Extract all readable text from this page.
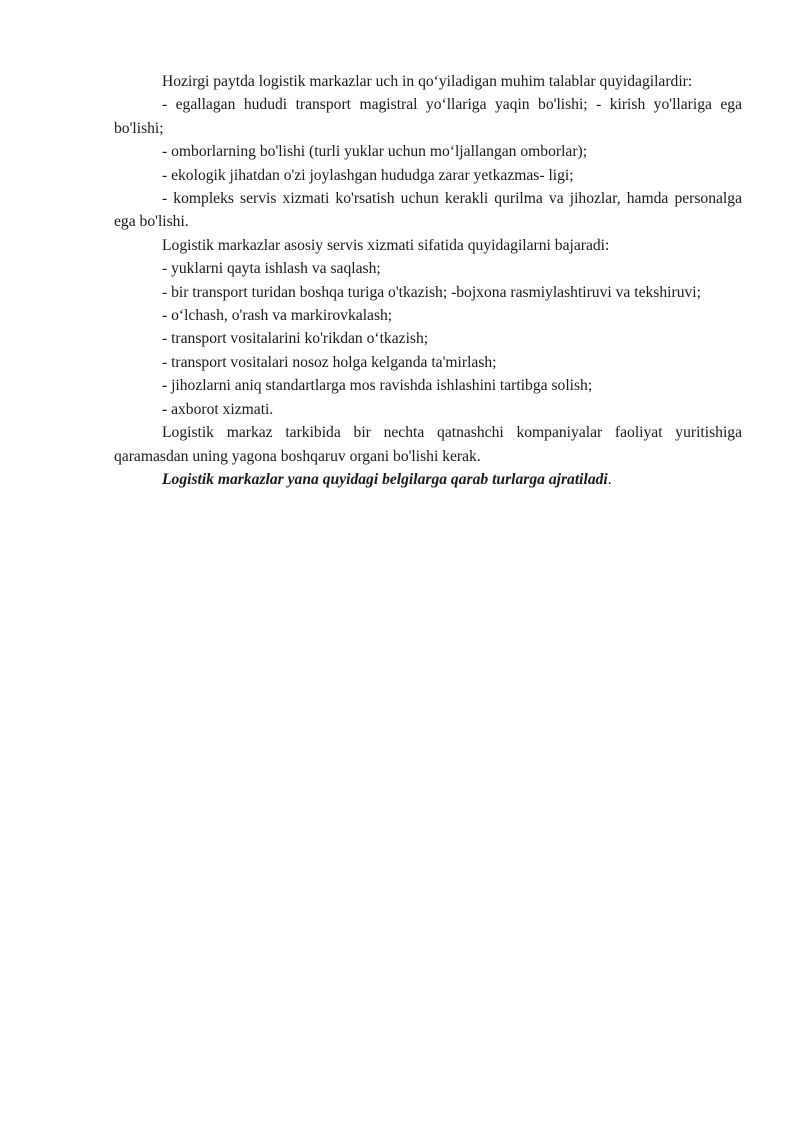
Hozirgi paytda logistik markazlar uch in qo‘yiladigan muhim talablar quyidagilardir:

- egallagan hududi transport magistral yo‘llariga yaqin bo'lishi; - kirish yo'llariga ega bo'lishi;

- omborlarning bo'lishi (turli yuklar uchun mo‘ljallangan omborlar);

- ekologik jihatdan o'zi joylashgan hududga zarar yetkazmas- ligi;

- kompleks servis xizmati ko'rsatish uchun kerakli qurilma va jihozlar, hamda personalga ega bo'lishi.

Logistik markazlar asosiy servis xizmati sifatida quyidagilarni bajaradi:

- yuklarni qayta ishlash va saqlash;

- bir transport turidan boshqa turiga o'tkazish; -bojxona rasmiylashtiruvi va tekshiruvi;

- o‘lchash, o'rash va markirovkalash;

- transport vositalarini ko'rikdan o‘tkazish;

- transport vositalari nosoz holga kelganda ta'mirlash;

- jihozlarni aniq standartlarga mos ravishda ishlashini tartibga solish;

- axborot xizmati.

Logistik markaz tarkibida bir nechta qatnashchi kompaniyalar faoliyat yuritishiga qaramasdan uning yagona boshqaruv organi bo'lishi kerak.

Logistik markazlar yana quyidagi belgilarga qarab turlarga ajratiladi.
